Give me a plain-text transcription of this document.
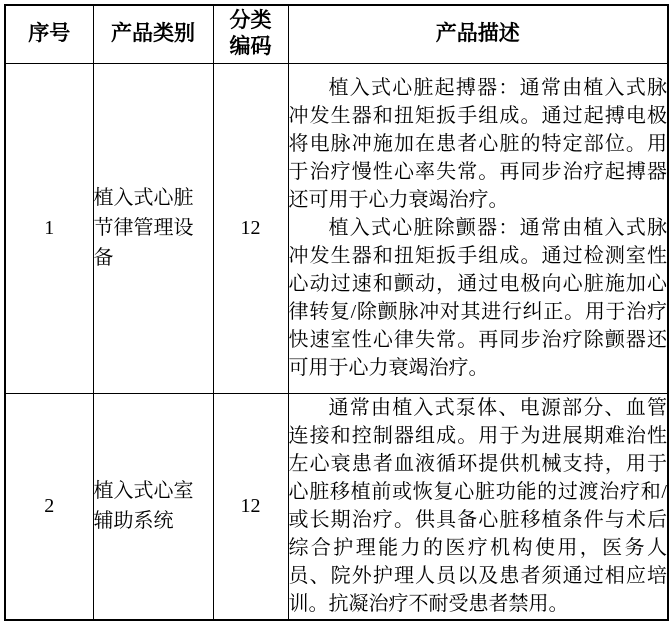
序号	产品类别	分类编码	产品描述
1	植入式心脏节律管理设备	12	植入式心脏起搏器：通常由植入式脉冲发生器和扭矩扳手组成。通过起搏电极将电脉冲施加在患者心脏的特定部位。用于治疗慢性心率失常。再同步治疗起搏器还可用于心力衰竭治疗。

植入式心脏除颤器：通常由植入式脉冲发生器和扭矩扳手组成。通过检测室性心动过速和颤动，通过电极向心脏施加心律转复/除颤脉冲对其进行纠正。用于治疗快速室性心律失常。再同步治疗除颤器还可用于心力衰竭治疗。

2	植入式心室辅助系统	12	通常由植入式泵体、电源部分、血管连接和控制器组成。用于为进展期难治性左心衰患者血液循环提供机械支持，用于心脏移植前或恢复心脏功能的过渡治疗和/或长期治疗。供具备心脏移植条件与术后综合护理能力的医疗机构使用，医务人员、院外护理人员以及患者须通过相应培训。抗凝治疗不耐受患者禁用。
